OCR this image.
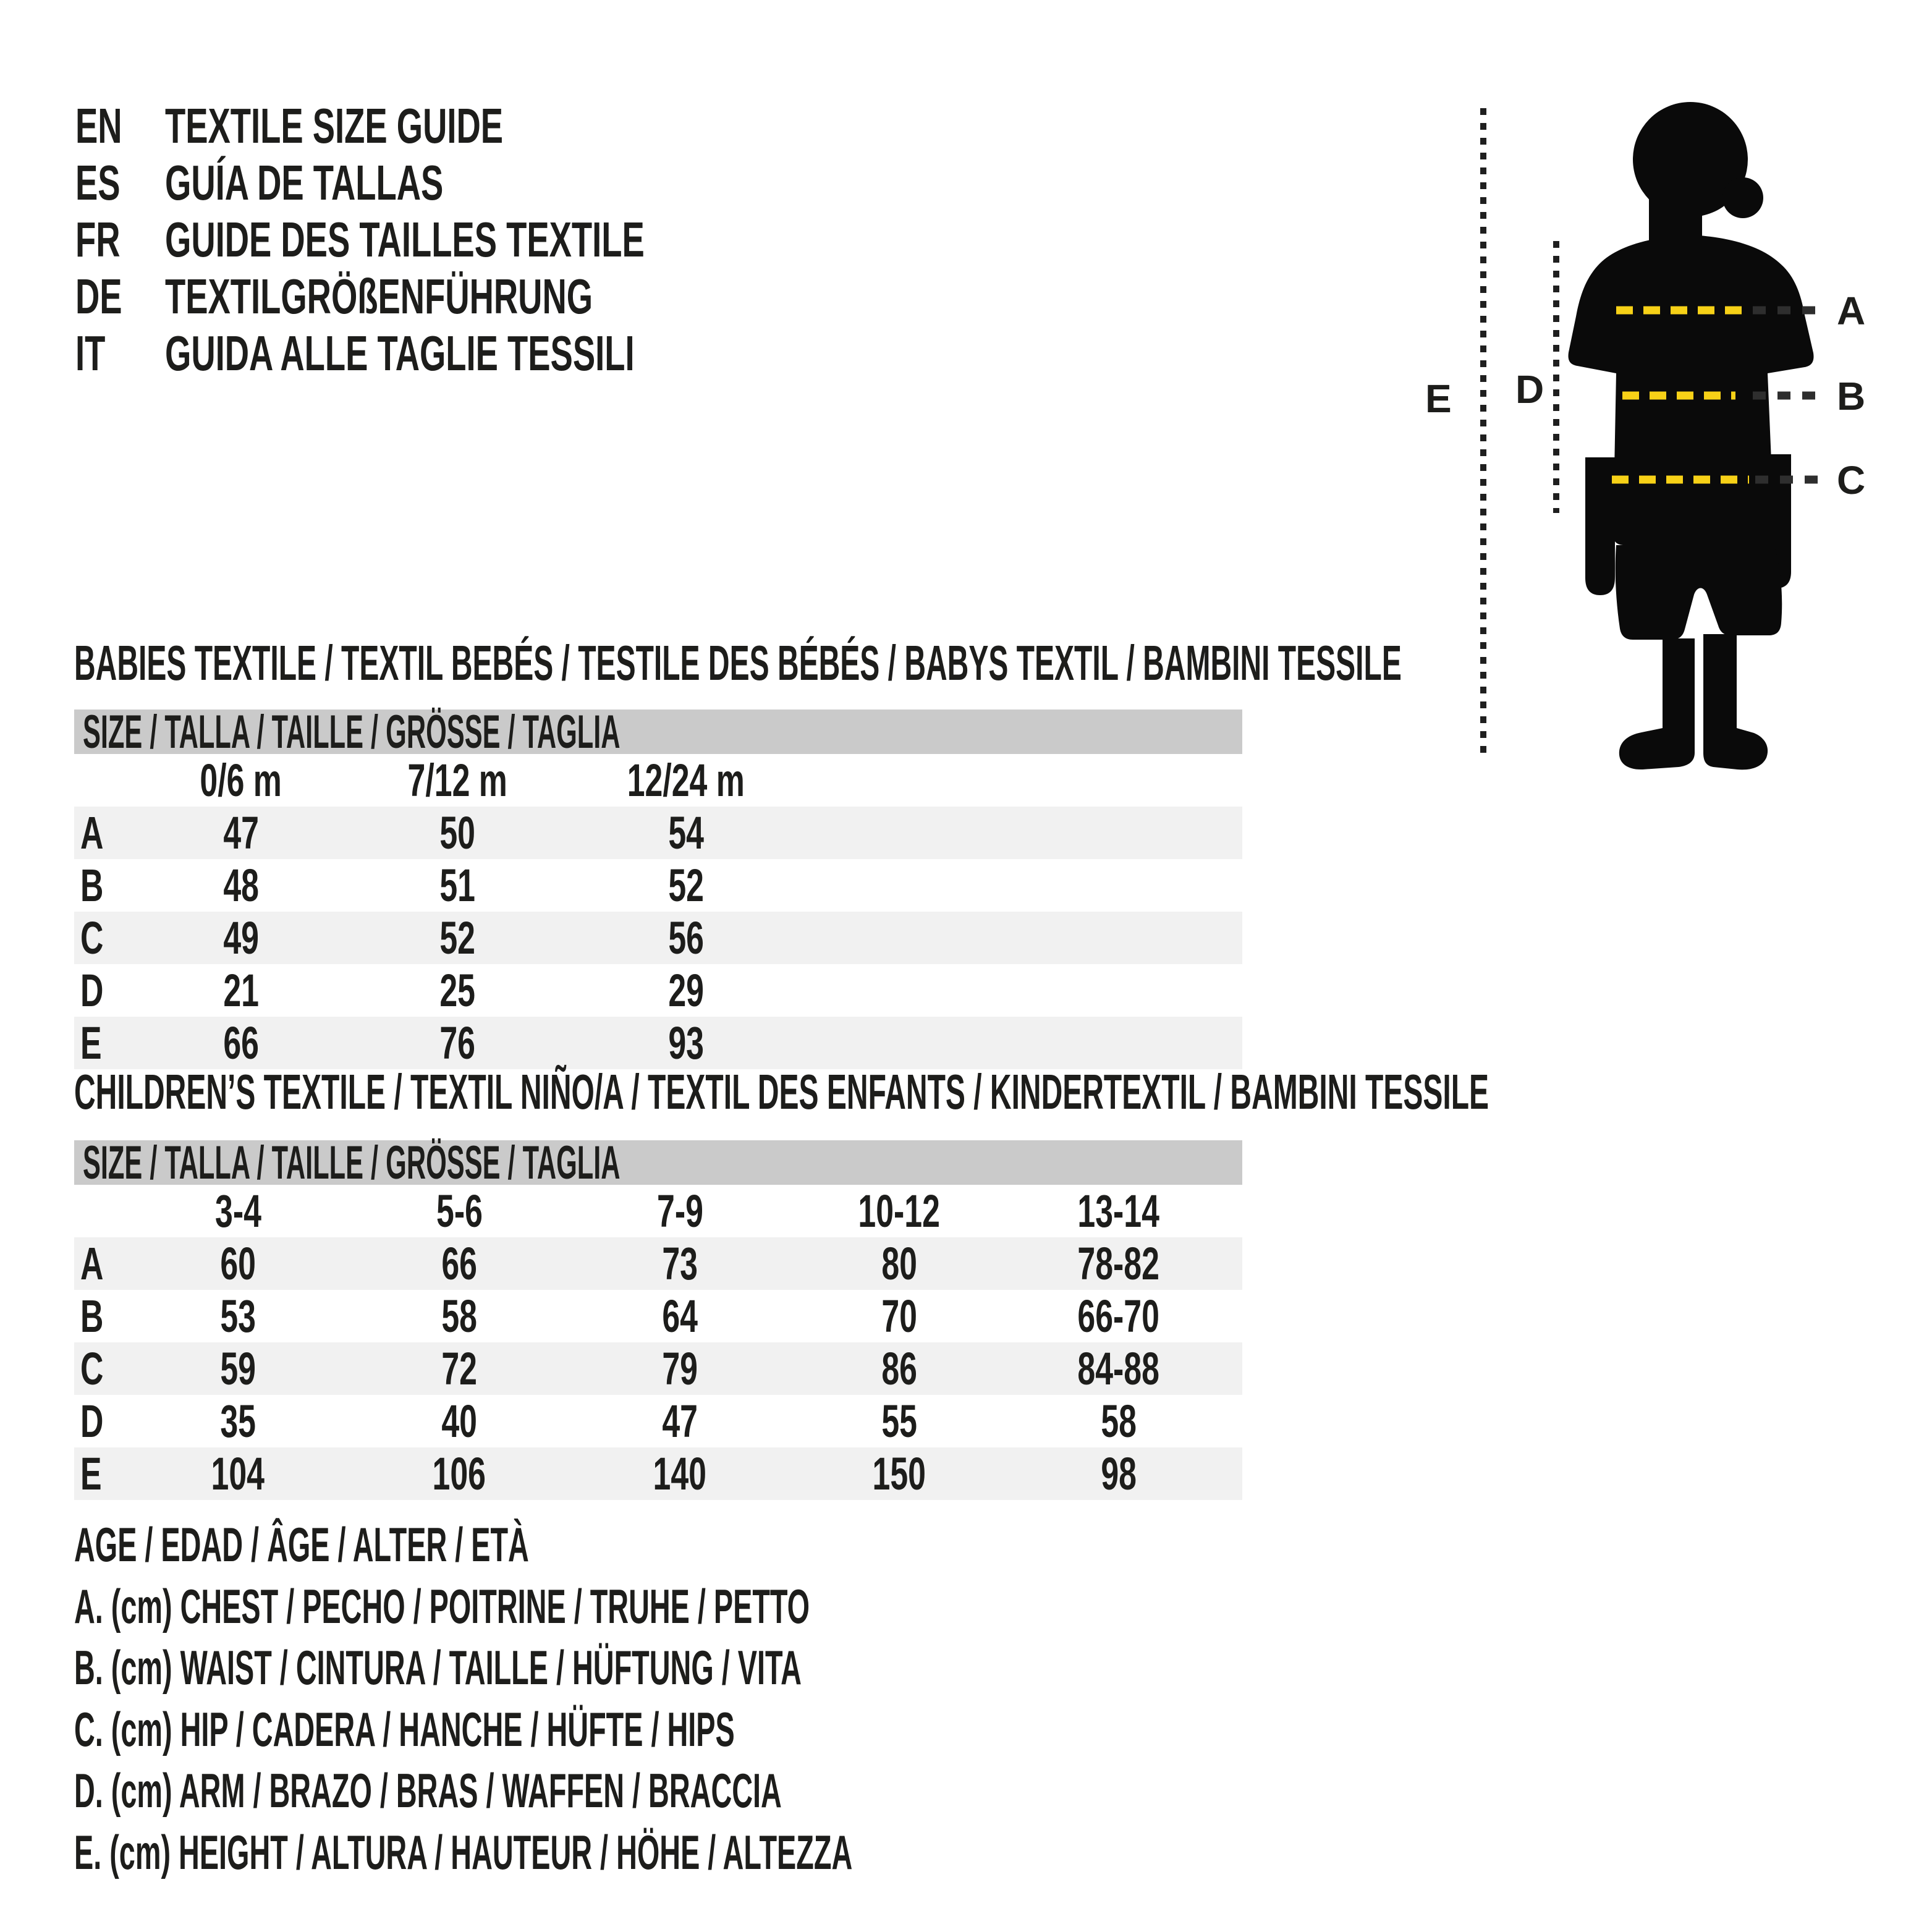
EN TEXTILE SIZE GUIDE
ES GUÍA DE TALLAS
FR GUIDE DES TAILLES TEXTILE
DE TEXTILGRÖßENFÜHRUNG
IT	GUIDA ALLE TAGLIE TESSILI
A
B
C
D
E
BABIES TEXTILE / TEXTIL BEBÉS / TESTILE DES BÉBÉS / BABYS TEXTIL / BAMBINI TESSILE
SIZE / TALLA / TAILLE / GRÖSSE / TAGLIA
	0/6 m	7/12 m	12/24 m	
A	47	50	54	
B	48	51	52	
C	49	52	56	
D	21	25	29	
E	66	76	93	
CHILDREN’S TEXTILE / TEXTIL NIÑO/A / TEXTIL DES ENFANTS / KINDERTEXTIL / BAMBINI TESSILE
SIZE / TALLA / TAILLE / GRÖSSE / TAGLIA
	3-4	5-6	7-9	10-12	13-14	
A	60	66	73	80	78-82	
B	53	58	64	70	66-70	
C	59	72	79	86	84-88	
D	35	40	47	55	58	
E	104	106	140	150	98	
AGE / EDAD / ÂGE / ALTER / ETÀ
A. (cm) CHEST / PECHO / POITRINE / TRUHE / PETTO
B. (cm) WAIST / CINTURA / TAILLE / HÜFTUNG / VITA
C. (cm) HIP / CADERA / HANCHE / HÜFTE / HIPS
D. (cm) ARM / BRAZO / BRAS / WAFFEN / BRACCIA
E. (cm) HEIGHT / ALTURA / HAUTEUR / HÖHE / ALTEZZA
